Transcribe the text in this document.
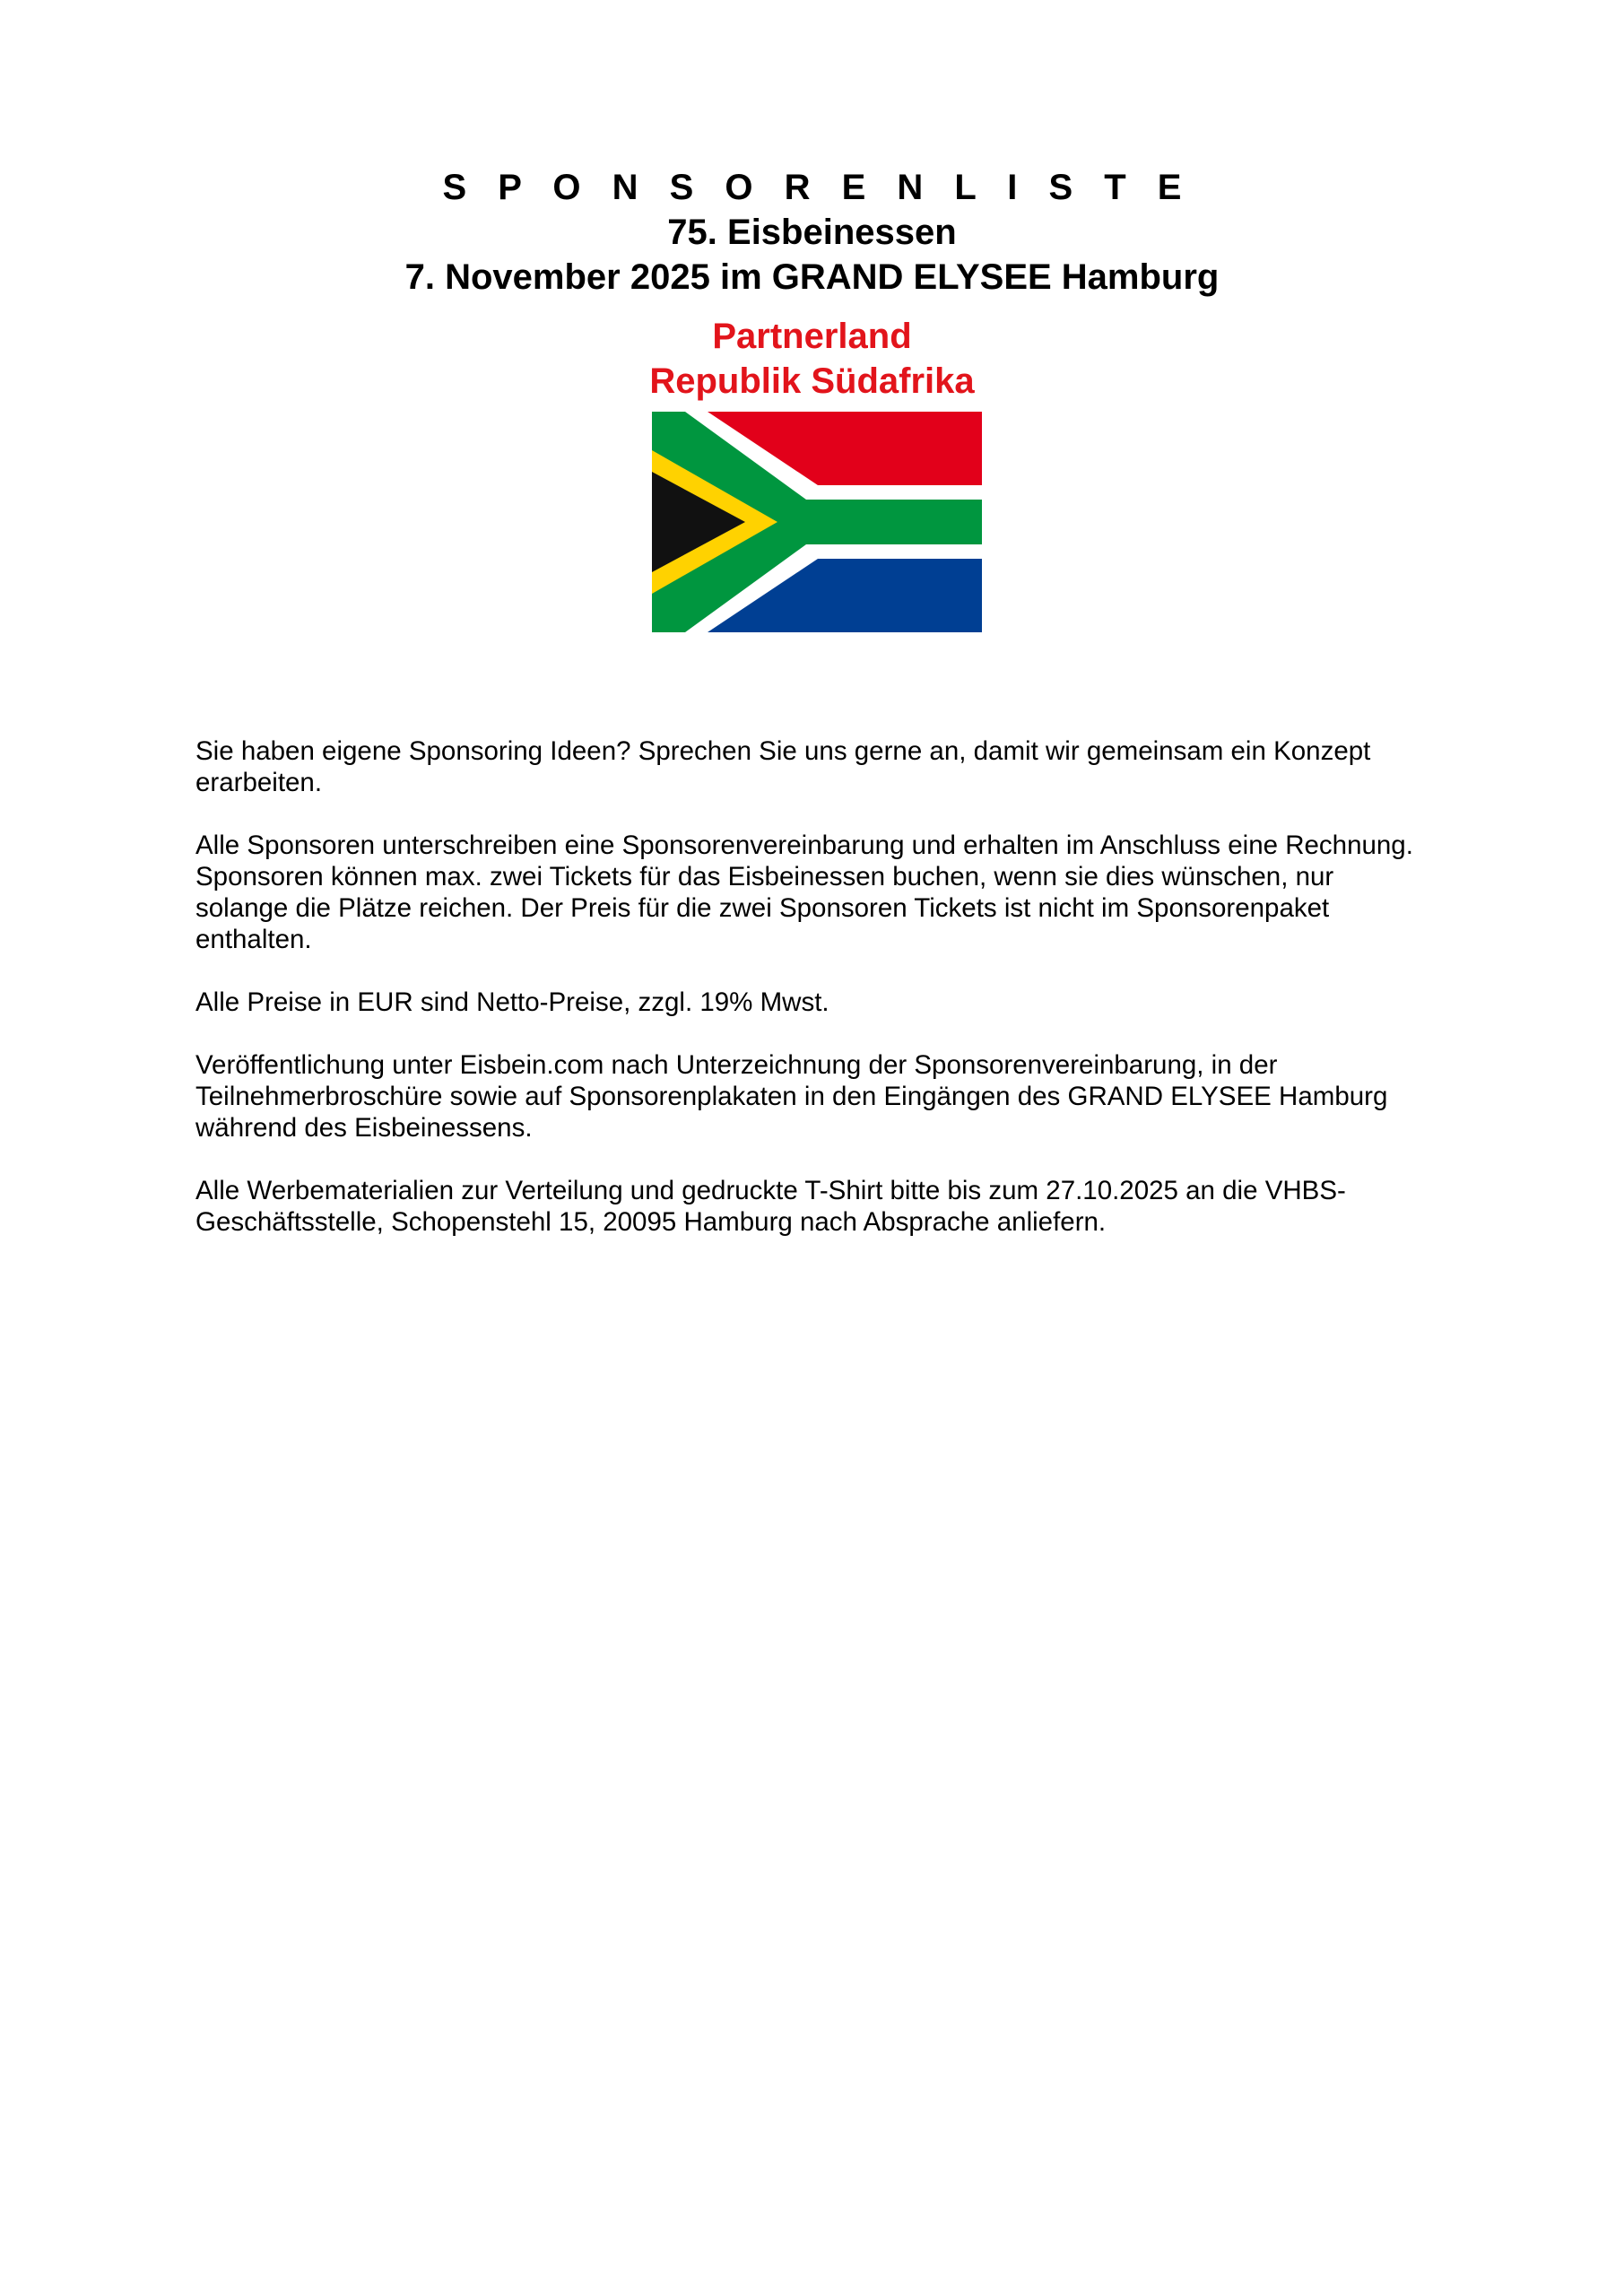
S P O N S O R E N L I S T E
75. Eisbeinessen
7. November 2025 im GRAND ELYSEE Hamburg
Partnerland
Republik Südafrika

Sie haben eigene Sponsoring Ideen? Sprechen Sie uns gerne an, damit wir gemeinsam ein Konzept erarbeiten.

Alle Sponsoren unterschreiben eine Sponsorenvereinbarung und erhalten im Anschluss eine Rechnung. Sponsoren können max. zwei Tickets für das Eisbeinessen buchen, wenn sie dies wünschen, nur solange die Plätze reichen. Der Preis für die zwei Sponsoren Tickets ist nicht im Sponsorenpaket enthalten.

Alle Preise in EUR sind Netto-Preise, zzgl. 19% Mwst.

Veröffentlichung unter Eisbein.com nach Unterzeichnung der Sponsorenvereinbarung, in der Teilnehmerbroschüre sowie auf Sponsorenplakaten in den Eingängen des GRAND ELYSEE Hamburg während des Eisbeinessens.

Alle Werbematerialien zur Verteilung und gedruckte T-Shirt bitte bis zum 27.10.2025 an die VHBS-Geschäftsstelle, Schopenstehl 15, 20095 Hamburg nach Absprache anliefern.
